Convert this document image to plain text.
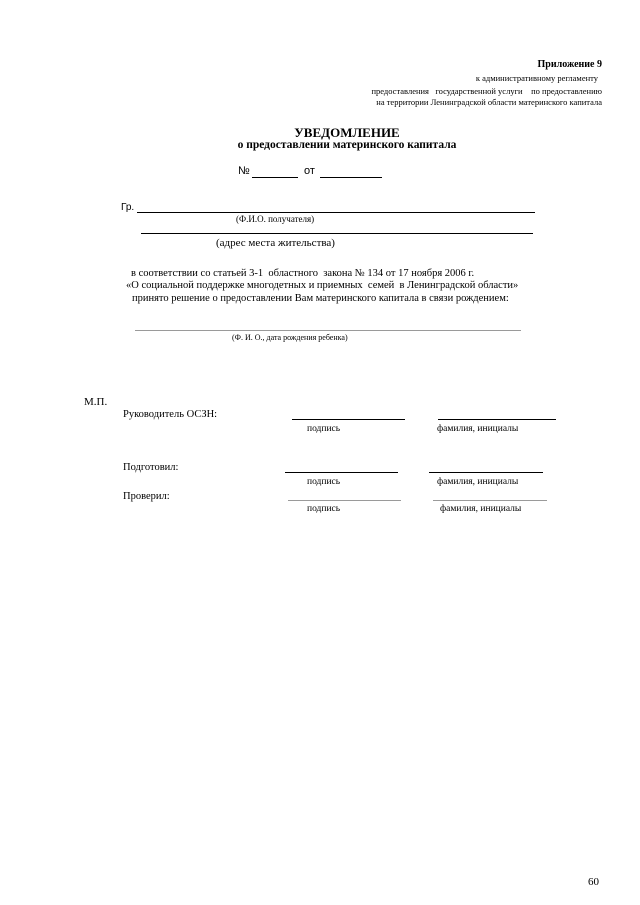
Приложение 9
к административному регламенту
предоставления   государственной услуги    по предоставлению
на территории Ленинградской области материнского капитала
УВЕДОМЛЕНИЕ
о предоставлении материнского капитала
№	от
Гр.
(Ф.И.О. получателя)
(адрес места жительства)
в соответствии со статьей 3-1  областного  закона № 134 от 17 ноября 2006 г.
«О социальной поддержке многодетных и приемных  семей  в Ленинградской области»
принято решение о предоставлении Вам материнского капитала в связи рождением:
(Ф. И. О., дата рождения ребенка)
М.П.
Руководитель ОСЗН:
подпись	фамилия, инициалы
Подготовил:
подпись	фамилия, инициалы
Проверил:
подпись	фамилия, инициалы
60
